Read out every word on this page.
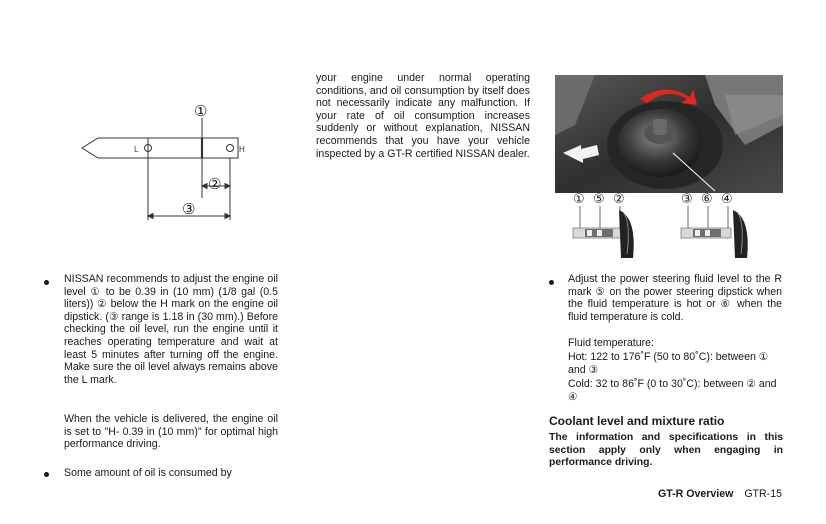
L	H
①
②
③

your engine under normal operating conditions, and oil consumption by itself does not necessarily indicate any malfunction. If your rate of oil consumption increases suddenly or without explanation, NISSAN recommends that you have your vehicle inspected by a GT-R certified NISSAN dealer.

NISSAN recommends to adjust the engine oil level ① to be 0.39 in (10 mm) (1/8 gal (0.5 liters)) ② below the H mark on the engine oil dipstick. (③ range is 1.18 in (30 mm).) Before checking the oil level, run the engine until it reaches operating temperature and wait at least 5 minutes after turning off the engine. Make sure the oil level always remains above the L mark.

When the vehicle is delivered, the engine oil is set to "H- 0.39 in (10 mm)" for optimal high performance driving.

Some amount of oil is consumed by

① ⑤ ②	③ ⑥ ④

Adjust the power steering fluid level to the R mark ⑤ on the power steering dipstick when the fluid temperature is hot or ⑥ when the fluid temperature is cold.

Fluid temperature:

Hot: 122 to 176˚F (50 to 80˚C): between ① and ③

Cold: 32 to 86˚F (0 to 30˚C): between ② and ④

Coolant level and mixture ratio

The information and specifications in this section apply only when engaging in performance driving.

GT-R Overview GTR-15
